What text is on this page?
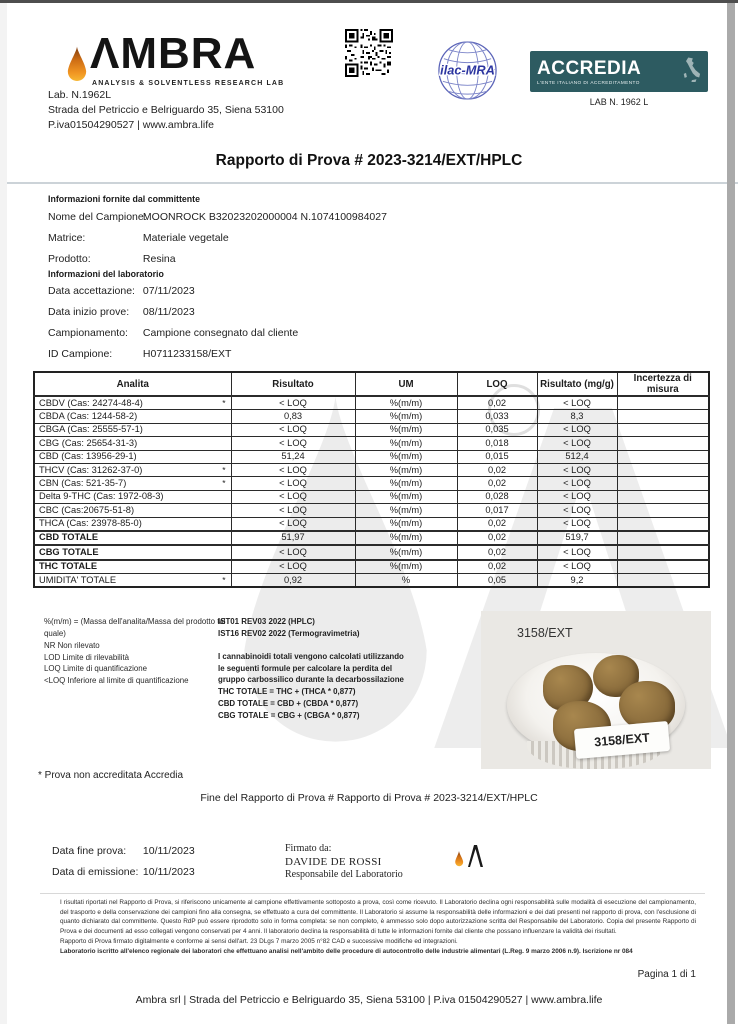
ΛMBRA
ANALYSIS & SOLVENTLESS RESEARCH LAB
Lab. N.1962L
Strada del Petriccio e Belriguardo 35, Siena 53100
P.iva01504290527 | www.ambra.life
ilac-MRA ACCREDIA
L'ENTE ITALIANO DI ACCREDITAMENTO
LAB N. 1962 L
Rapporto di Prova # 2023-3214/EXT/HPLC
Informazioni fornite dal committente
Nome del Campione: MOONROCK B32023202000004 N.1074100984027
Matrice:	Materiale vegetale
Prodotto:	Resina
Informazioni del laboratorio
Data accettazione: 07/11/2023
Data inizio prove: 08/11/2023
Campionamento: Campione consegnato dal cliente
ID Campione:	H0711233158/EXT
Analita	Risultato	UM	LOQ	Risultato (mg/g)	Incertezza di misura

CBDV (Cas: 24274-48-4) *	< LOQ	%(m/m)	0,02	< LOQ	

CBDA (Cas: 1244-58-2)	0,83	%(m/m)	0,033	8,3	

CBGA (Cas: 25555-57-1)	< LOQ	%(m/m)	0,035	< LOQ	

CBG (Cas: 25654-31-3)	< LOQ	%(m/m)	0,018	< LOQ	

CBD (Cas: 13956-29-1)	51,24	%(m/m)	0,015	512,4	

THCV (Cas: 31262-37-0) *	< LOQ	%(m/m)	0,02	< LOQ	

CBN (Cas: 521-35-7) *	< LOQ	%(m/m)	0,02	< LOQ	

Delta 9-THC (Cas: 1972-08-3)	< LOQ	%(m/m)	0,028	< LOQ	

CBC (Cas:20675-51-8)	< LOQ	%(m/m)	0,017	< LOQ	

THCA (Cas: 23978-85-0)	< LOQ	%(m/m)	0,02	< LOQ	

CBD TOTALE	51,97	%(m/m)	0,02	519,7	

CBG TOTALE	< LOQ	%(m/m)	0,02	< LOQ	

THC TOTALE	< LOQ	%(m/m)	0,02	< LOQ	

UMIDITA' TOTALE *	0,92	%	0,05	9,2	
%(m/m) = (Massa dell'analita/Massa del prodotto tal quale)
NR Non rilevato
LOD Limite di rilevabilità
LOQ Limite di quantificazione
<LOQ Inferiore al limite di quantificazione
IST01 REV03 2022 (HPLC)
IST16 REV02 2022 (Termogravimetria)
I cannabinoidi totali vengono calcolati utilizzando le seguenti formule per calcolare la perdita del gruppo carbossilico durante la decarbossilazione
THC TOTALE = THC + (THCA * 0,877)
CBD TOTALE = CBD + (CBDA * 0,877)
CBG TOTALE = CBG + (CBGA * 0,877)
3158/EXT
3158/EXT
* Prova non accreditata Accredia
Fine del Rapporto di Prova # Rapporto di Prova # 2023-3214/EXT/HPLC
Data fine prova: 10/11/2023
Data di emissione: 10/11/2023
Firmato da:
DAVIDE DE ROSSI
Responsabile del Laboratorio
I risultati riportati nel Rapporto di Prova, si riferiscono unicamente al campione effettivamente sottoposto a prova, così come ricevuto. Il Laboratorio declina ogni responsabilità sulle modalità di esecuzione del campionamento, del trasporto e della conservazione dei campioni fino alla consegna, se effettuato a cura del committente. Il Laboratorio si assume la responsabilità delle informazioni e dei dati presenti nel rapporto di prova, con l'esclusione di quanto dichiarato dal committente. Questo RdP può essere riprodotto solo in forma completa: se non completo, è ammesso solo dopo autorizzazione scritta del Responsabile del Laboratorio. Copia del presente Rapporto di Prova e dei documenti ad esso collegati vengono conservati per 4 anni. Il laboratorio declina la responsabilità di tutte le informazioni fornite dal cliente che possano influenzare la validità dei risultati.
Rapporto di Prova firmato digitalmente e conforme ai sensi dell'art. 23 DLgs 7 marzo 2005 n°82 CAD e successive modifiche ed integrazioni.
Laboratorio iscritto all'elenco regionale dei laboratori che effettuano analisi nell'ambito delle procedure di autocontrollo delle industrie alimentari (L.Reg. 9 marzo 2006 n.9). Iscrizione nr 084
Pagina 1 di 1
Ambra srl | Strada del Petriccio e Belriguardo 35, Siena 53100 | P.iva 01504290527 | www.ambra.life
